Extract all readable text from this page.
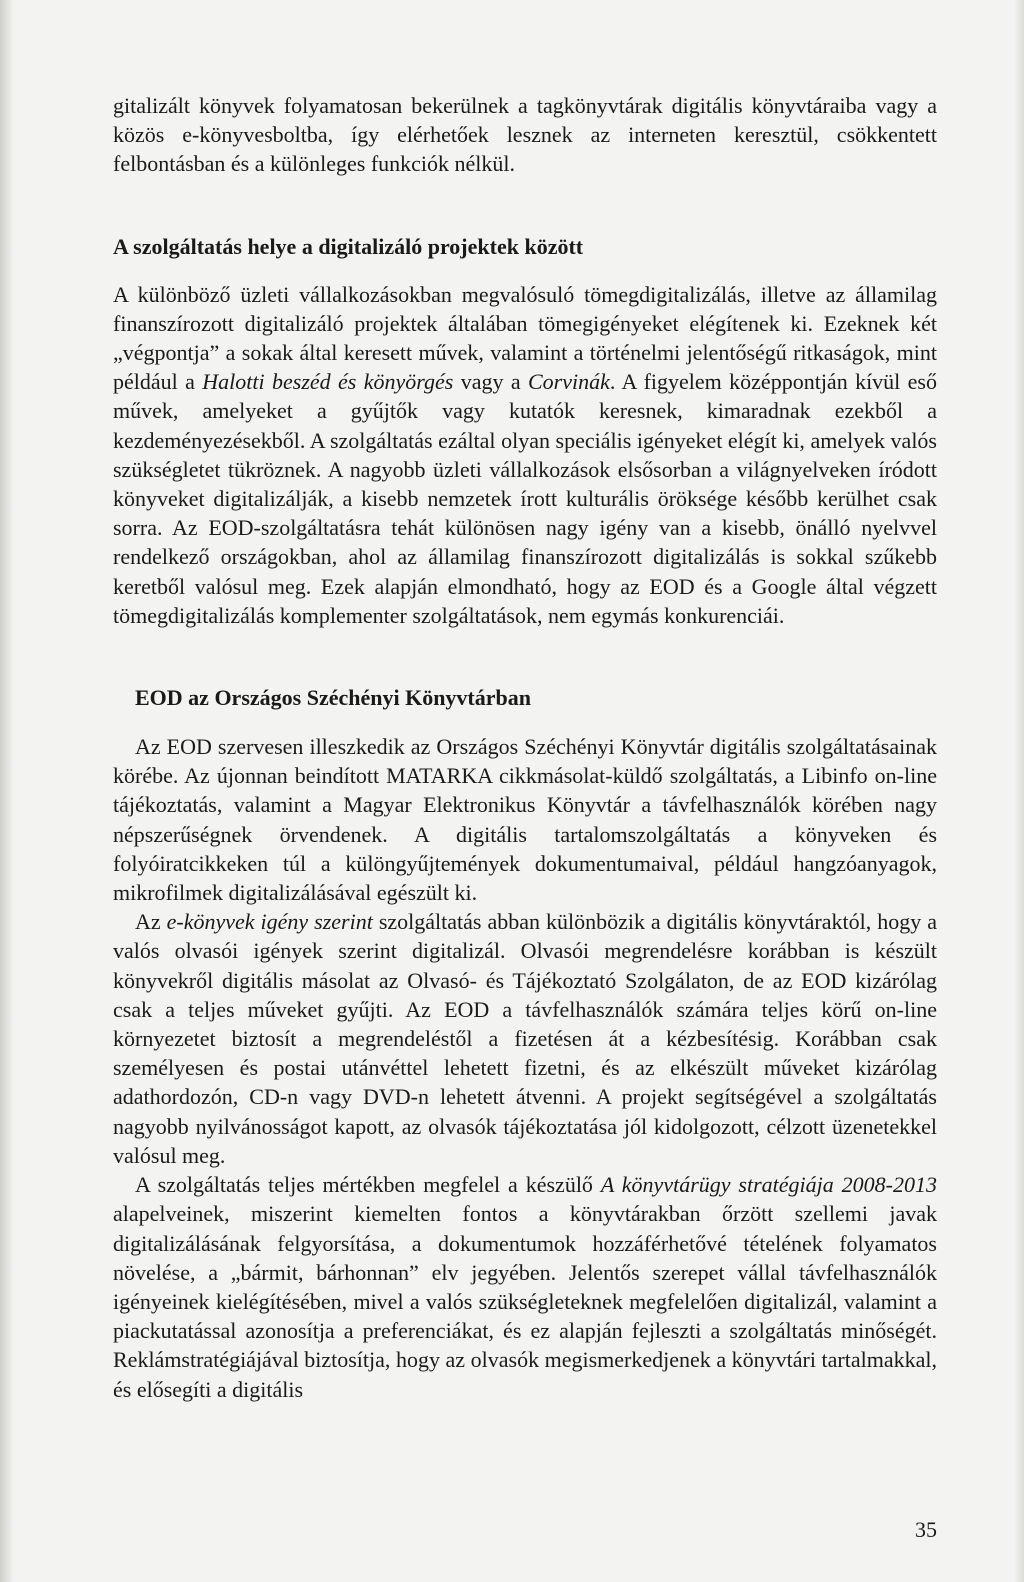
gitalizált könyvek folyamatosan bekerülnek a tagkönyvtárak digitális könyvtáraiba vagy a közös e-könyvesboltba, így elérhetőek lesznek az interneten keresztül, csökkentett felbontásban és a különleges funkciók nélkül.

A szolgáltatás helye a digitalizáló projektek között

A különböző üzleti vállalkozásokban megvalósuló tömegdigitalizálás, illetve az államilag finanszírozott digitalizáló projektek általában tömegigényeket elégítenek ki. Ezeknek két „végpontja” a sokak által keresett művek, valamint a történelmi jelentőségű ritkaságok, mint például a Halotti beszéd és könyörgés vagy a Corvinák. A figyelem középpontján kívül eső művek, amelyeket a gyűjtők vagy kutatók keresnek, kimaradnak ezekből a kezdeményezésekből. A szolgáltatás ezáltal olyan speciális igényeket elégít ki, amelyek valós szükségletet tükröznek. A nagyobb üzleti vállalkozások elsősorban a világnyelveken íródott könyveket digitalizálják, a kisebb nemzetek írott kulturális öröksége később kerülhet csak sorra. Az EOD-szolgáltatásra tehát különösen nagy igény van a kisebb, önálló nyelvvel rendelkező országokban, ahol az államilag finanszírozott digitalizálás is sokkal szűkebb keretből valósul meg. Ezek alapján elmondható, hogy az EOD és a Google által végzett tömegdigitalizálás komplementer szolgáltatások, nem egymás konkurenciái.

EOD az Országos Széchényi Könyvtárban

Az EOD szervesen illeszkedik az Országos Széchényi Könyvtár digitális szolgáltatásainak körébe. Az újonnan beindított MATARKA cikkmásolat-küldő szolgáltatás, a Libinfo on-line tájékoztatás, valamint a Magyar Elektronikus Könyvtár a távfelhasználók körében nagy népszerűségnek örvendenek. A digitális tartalomszolgáltatás a könyveken és folyóiratcikkeken túl a különgyűjtemények dokumentumaival, például hangzóanyagok, mikrofilmek digitalizálásával egészült ki.

Az e-könyvek igény szerint szolgáltatás abban különbözik a digitális könyvtáraktól, hogy a valós olvasói igények szerint digitalizál. Olvasói megrendelésre korábban is készült könyvekről digitális másolat az Olvasó- és Tájékoztató Szolgálaton, de az EOD kizárólag csak a teljes műveket gyűjti. Az EOD a távfelhasználók számára teljes körű on-line környezetet biztosít a megrendeléstől a fizetésen át a kézbesítésig. Korábban csak személyesen és postai utánvéttel lehetett fizetni, és az elkészült műveket kizárólag adathordozón, CD-n vagy DVD-n lehetett átvenni. A projekt segítségével a szolgáltatás nagyobb nyilvánosságot kapott, az olvasók tájékoztatása jól kidolgozott, célzott üzenetekkel valósul meg.

A szolgáltatás teljes mértékben megfelel a készülő A könyvtárügy stratégiája 2008-2013 alapelveinek, miszerint kiemelten fontos a könyvtárakban őrzött szellemi javak digitalizálásának felgyorsítása, a dokumentumok hozzáférhetővé tételének folyamatos növelése, a „bármit, bárhonnan” elv jegyében. Jelentős szerepet vállal távfelhasználók igényeinek kielégítésében, mivel a valós szükségleteknek megfelelően digitalizál, valamint a piackutatással azonosítja a preferenciákat, és ez alapján fejleszti a szolgáltatás minőségét. Reklámstratégiájával biztosítja, hogy az olvasók megismerkedjenek a könyvtári tartalmakkal, és elősegíti a digitális

35
